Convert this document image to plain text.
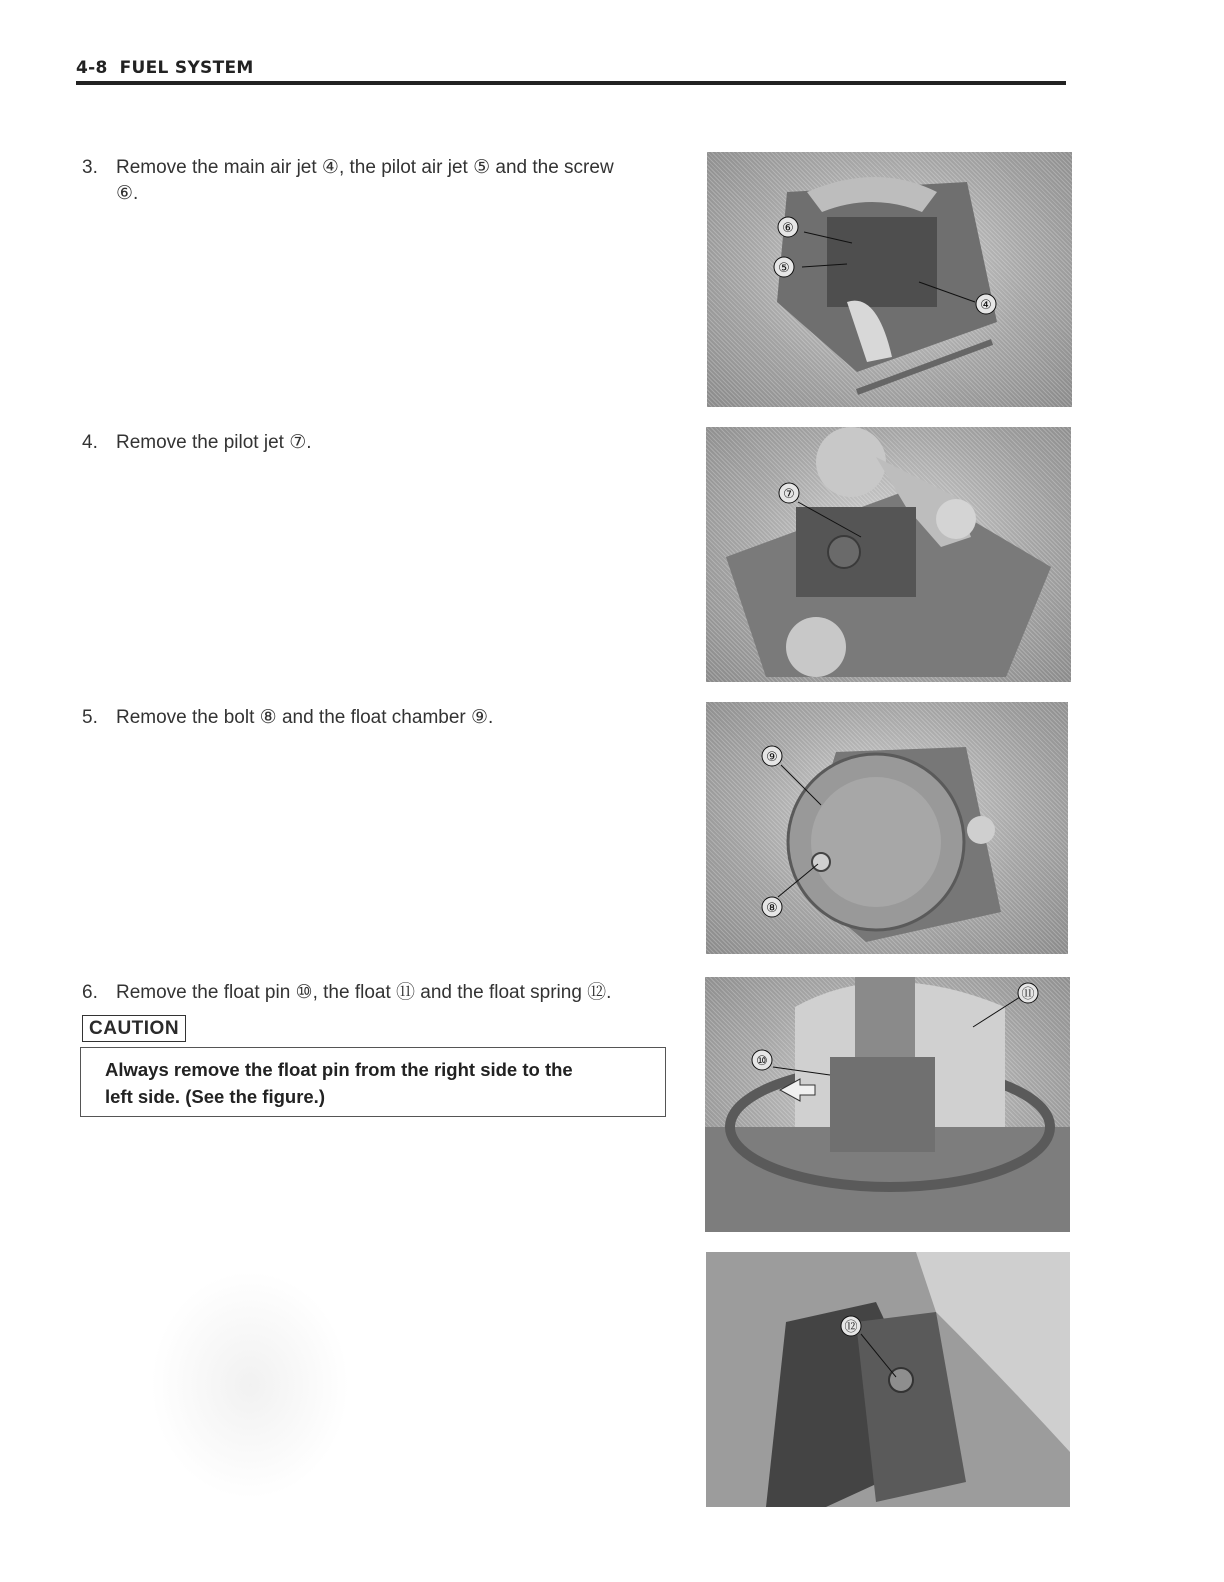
4-8 FUEL SYSTEM
3. Remove the main air jet ④, the pilot air jet ⑤ and the screw
⑥.
4. Remove the pilot jet ⑦.
5. Remove the bolt ⑧ and the float chamber ⑨.
6. Remove the float pin ⑩, the float ⑪ and the float spring ⑫.
CAUTION
Always remove the float pin from the right side to the
left side. (See the figure.)
⑥
⑤
④
⑦
⑨
⑧
⑩
⑪
⑫
